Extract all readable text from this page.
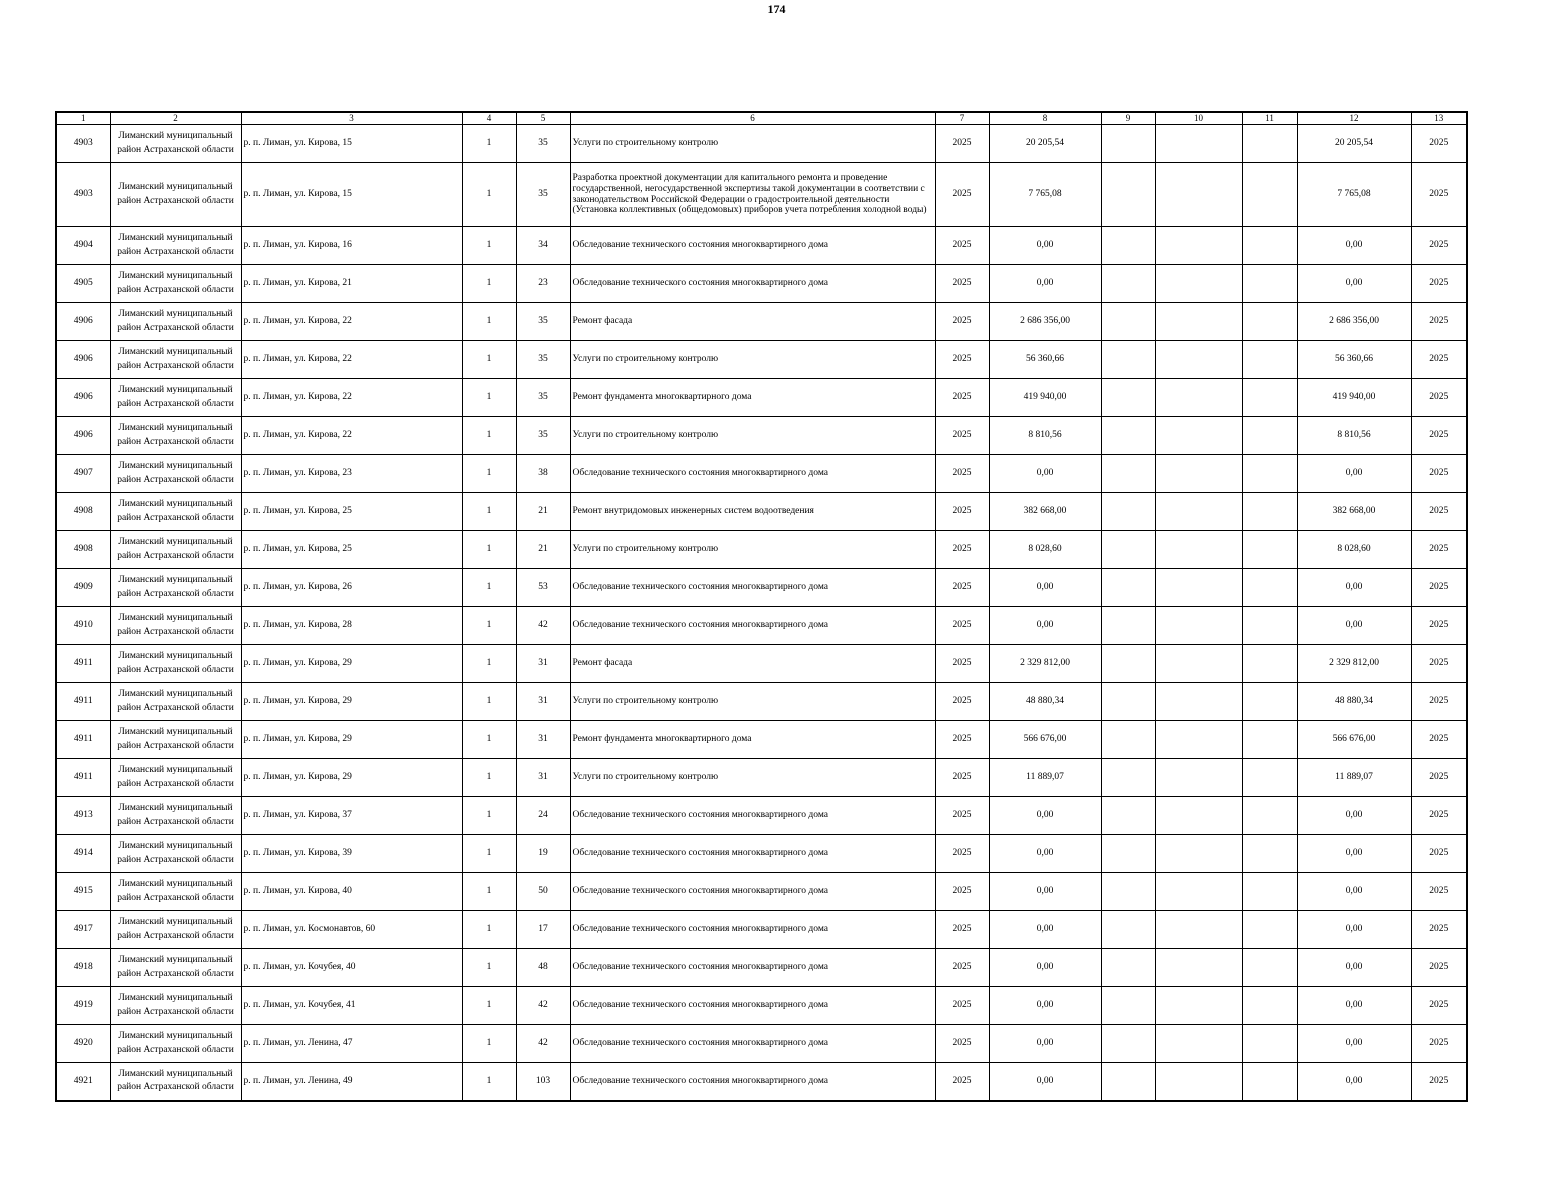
174
1	2	3	4	5	6	7	8	9	10	11	12	13
4903	Лиманский муниципальный район Астраханской области	р. п. Лиман, ул. Кирова, 15	1	35	Услуги по строительному контролю	2025	20 205,54				20 205,54	2025
4903	Лиманский муниципальный район Астраханской области	р. п. Лиман, ул. Кирова, 15	1	35	Разработка проектной документации для капитального ремонта и проведение государственной, негосударственной экспертизы такой документации в соответствии с законодательством Российской Федерации о градостроительной деятельности (Установка коллективных (общедомовых) приборов учета потребления холодной воды)	2025	7 765,08				7 765,08	2025
4904	Лиманский муниципальный район Астраханской области	р. п. Лиман, ул. Кирова, 16	1	34	Обследование технического состояния многоквартирного дома	2025	0,00				0,00	2025
4905	Лиманский муниципальный район Астраханской области	р. п. Лиман, ул. Кирова, 21	1	23	Обследование технического состояния многоквартирного дома	2025	0,00				0,00	2025
4906	Лиманский муниципальный район Астраханской области	р. п. Лиман, ул. Кирова, 22	1	35	Ремонт фасада	2025	2 686 356,00				2 686 356,00	2025
4906	Лиманский муниципальный район Астраханской области	р. п. Лиман, ул. Кирова, 22	1	35	Услуги по строительному контролю	2025	56 360,66				56 360,66	2025
4906	Лиманский муниципальный район Астраханской области	р. п. Лиман, ул. Кирова, 22	1	35	Ремонт фундамента многоквартирного дома	2025	419 940,00				419 940,00	2025
4906	Лиманский муниципальный район Астраханской области	р. п. Лиман, ул. Кирова, 22	1	35	Услуги по строительному контролю	2025	8 810,56				8 810,56	2025
4907	Лиманский муниципальный район Астраханской области	р. п. Лиман, ул. Кирова, 23	1	38	Обследование технического состояния многоквартирного дома	2025	0,00				0,00	2025
4908	Лиманский муниципальный район Астраханской области	р. п. Лиман, ул. Кирова, 25	1	21	Ремонт внутридомовых инженерных систем водоотведения	2025	382 668,00				382 668,00	2025
4908	Лиманский муниципальный район Астраханской области	р. п. Лиман, ул. Кирова, 25	1	21	Услуги по строительному контролю	2025	8 028,60				8 028,60	2025
4909	Лиманский муниципальный район Астраханской области	р. п. Лиман, ул. Кирова, 26	1	53	Обследование технического состояния многоквартирного дома	2025	0,00				0,00	2025
4910	Лиманский муниципальный район Астраханской области	р. п. Лиман, ул. Кирова, 28	1	42	Обследование технического состояния многоквартирного дома	2025	0,00				0,00	2025
4911	Лиманский муниципальный район Астраханской области	р. п. Лиман, ул. Кирова, 29	1	31	Ремонт фасада	2025	2 329 812,00				2 329 812,00	2025
4911	Лиманский муниципальный район Астраханской области	р. п. Лиман, ул. Кирова, 29	1	31	Услуги по строительному контролю	2025	48 880,34				48 880,34	2025
4911	Лиманский муниципальный район Астраханской области	р. п. Лиман, ул. Кирова, 29	1	31	Ремонт фундамента многоквартирного дома	2025	566 676,00				566 676,00	2025
4911	Лиманский муниципальный район Астраханской области	р. п. Лиман, ул. Кирова, 29	1	31	Услуги по строительному контролю	2025	11 889,07				11 889,07	2025
4913	Лиманский муниципальный район Астраханской области	р. п. Лиман, ул. Кирова, 37	1	24	Обследование технического состояния многоквартирного дома	2025	0,00				0,00	2025
4914	Лиманский муниципальный район Астраханской области	р. п. Лиман, ул. Кирова, 39	1	19	Обследование технического состояния многоквартирного дома	2025	0,00				0,00	2025
4915	Лиманский муниципальный район Астраханской области	р. п. Лиман, ул. Кирова, 40	1	50	Обследование технического состояния многоквартирного дома	2025	0,00				0,00	2025
4917	Лиманский муниципальный район Астраханской области	р. п. Лиман, ул. Космонавтов, 60	1	17	Обследование технического состояния многоквартирного дома	2025	0,00				0,00	2025
4918	Лиманский муниципальный район Астраханской области	р. п. Лиман, ул. Кочубея, 40	1	48	Обследование технического состояния многоквартирного дома	2025	0,00				0,00	2025
4919	Лиманский муниципальный район Астраханской области	р. п. Лиман, ул. Кочубея, 41	1	42	Обследование технического состояния многоквартирного дома	2025	0,00				0,00	2025
4920	Лиманский муниципальный район Астраханской области	р. п. Лиман, ул. Ленина, 47	1	42	Обследование технического состояния многоквартирного дома	2025	0,00				0,00	2025
4921	Лиманский муниципальный район Астраханской области	р. п. Лиман, ул. Ленина, 49	1	103	Обследование технического состояния многоквартирного дома	2025	0,00				0,00	2025
